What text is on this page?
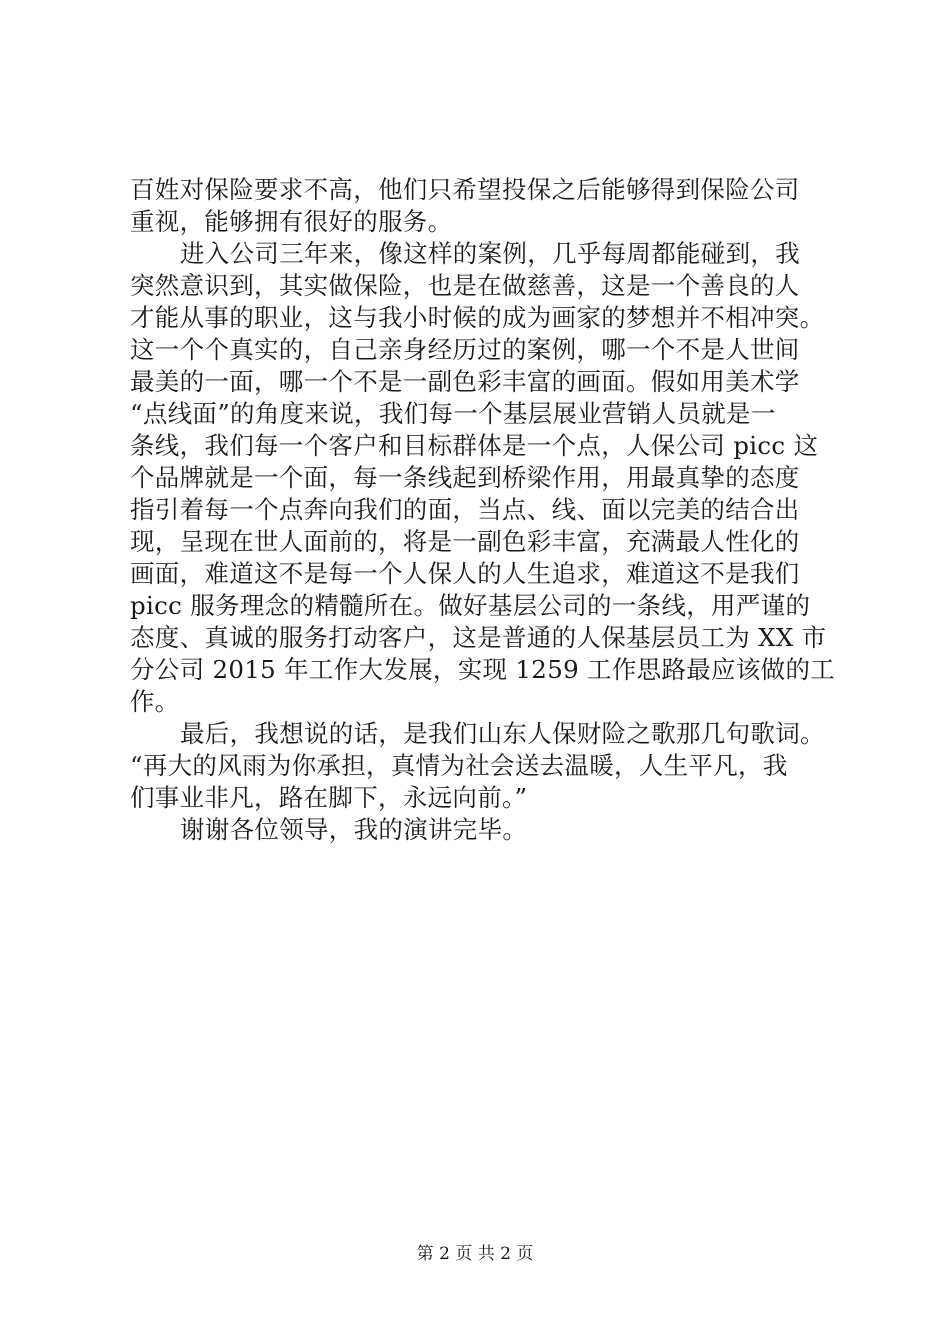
百姓对保险要求不高，他们只希望投保之后能够得到保险公司
重视，能够拥有很好的服务。
进入公司三年来，像这样的案例，几乎每周都能碰到，我
突然意识到，其实做保险，也是在做慈善，这是一个善良的人
才能从事的职业，这与我小时候的成为画家的梦想并不相冲突。
这一个个真实的，自己亲身经历过的案例，哪一个不是人世间
最美的一面，哪一个不是一副色彩丰富的画面。假如用美术学
“点线面”的角度来说，我们每一个基层展业营销人员就是一
条线，我们每一个客户和目标群体是一个点，人保公司 picc 这
个品牌就是一个面，每一条线起到桥梁作用，用最真挚的态度
指引着每一个点奔向我们的面，当点、线、面以完美的结合出
现，呈现在世人面前的，将是一副色彩丰富，充满最人性化的
画面，难道这不是每一个人保人的人生追求，难道这不是我们
picc 服务理念的精髓所在。做好基层公司的一条线，用严谨的
态度、真诚的服务打动客户，这是普通的人保基层员工为 XX 市
分公司 2015 年工作大发展，实现 1259 工作思路最应该做的工
作。
最后，我想说的话，是我们山东人保财险之歌那几句歌词。
“再大的风雨为你承担，真情为社会送去温暖，人生平凡，我
们事业非凡，路在脚下，永远向前。”
谢谢各位领导，我的演讲完毕。
第 2 页 共 2 页
